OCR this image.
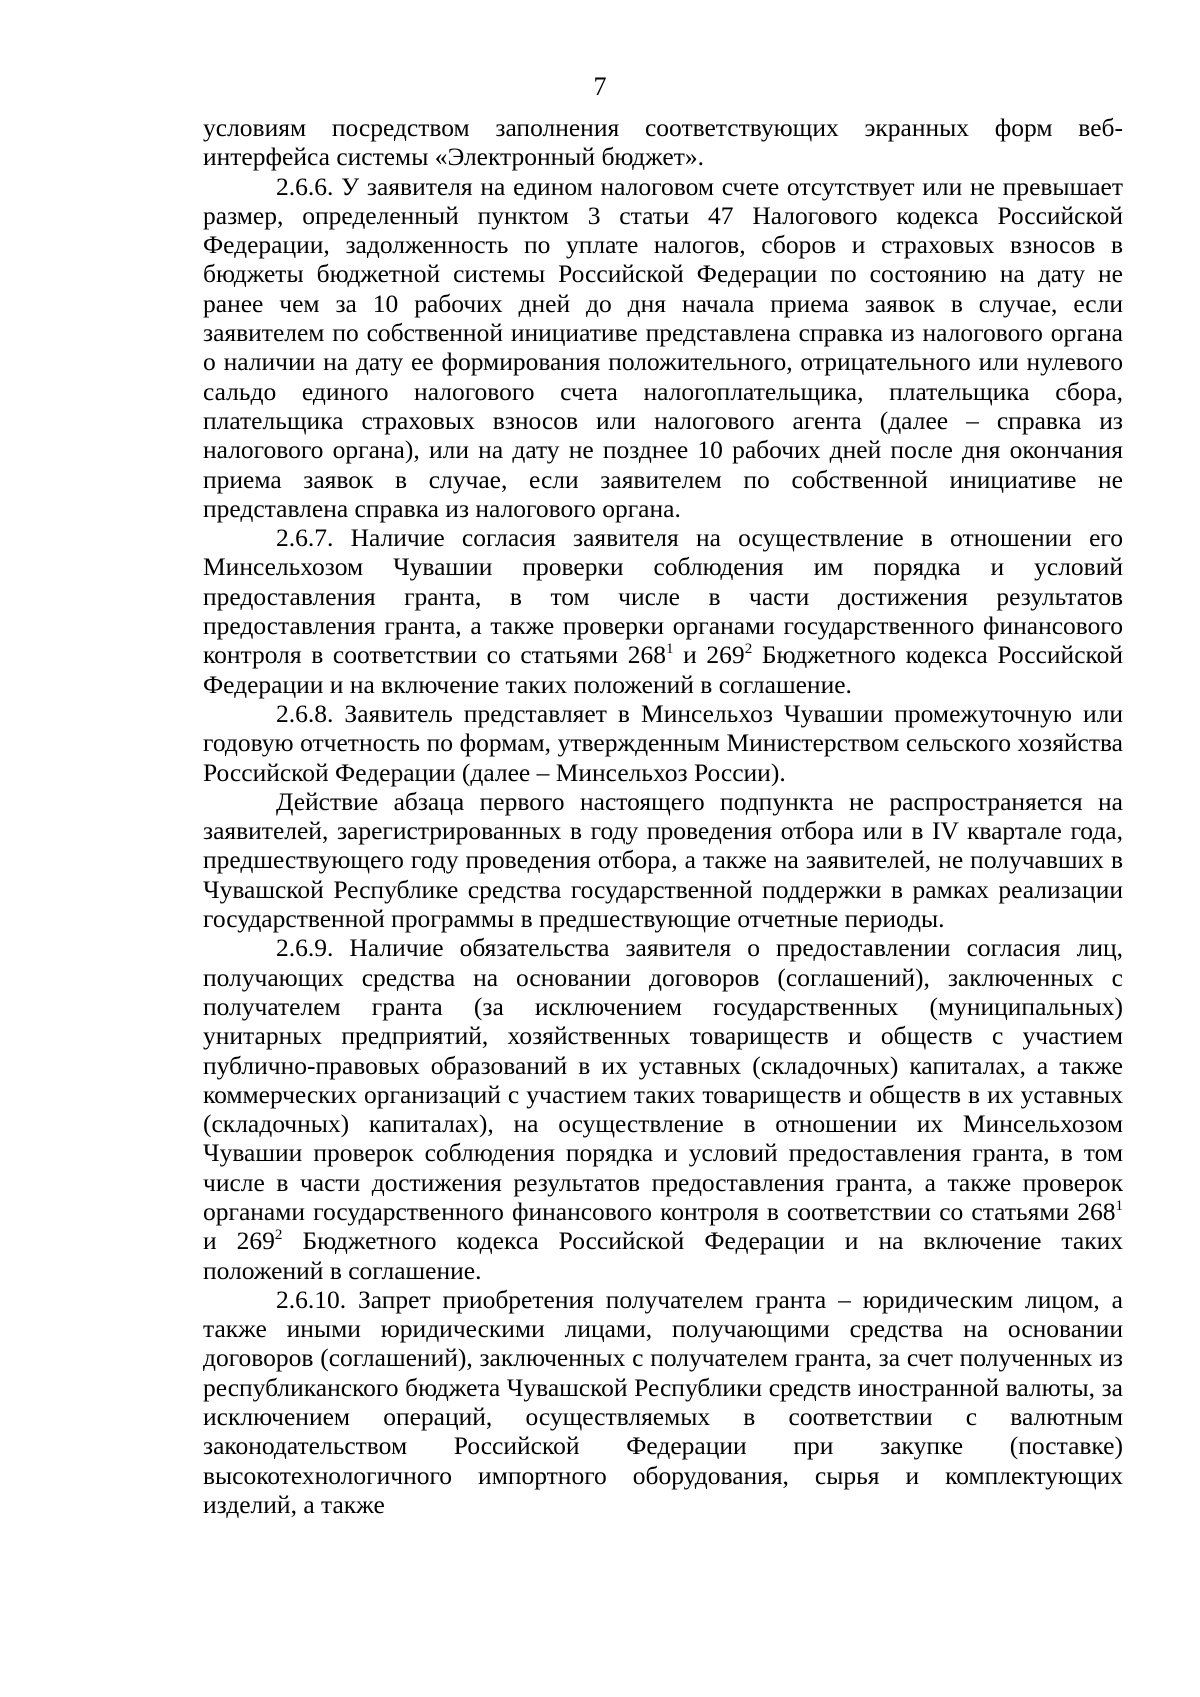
7

условиям посредством заполнения соответствующих экранных форм веб-интерфейса системы «Электронный бюджет».

2.6.6. У заявителя на едином налоговом счете отсутствует или не превышает размер, определенный пунктом 3 статьи 47 Налогового кодекса Российской Федерации, задолженность по уплате налогов, сборов и страховых взносов в бюджеты бюджетной системы Российской Федерации по состоянию на дату не ранее чем за 10 рабочих дней до дня начала приема заявок в случае, если заявителем по собственной инициативе представлена справка из налогового органа о наличии на дату ее формирования положительного, отрицательного или нулевого сальдо единого налогового счета налогоплательщика, плательщика сбора, плательщика страховых взносов или налогового агента (далее – справка из налогового органа), или на дату не позднее 10 рабочих дней после дня окончания приема заявок в случае, если заявителем по собственной инициативе не представлена справка из налогового органа.

2.6.7. Наличие согласия заявителя на осуществление в отношении его Минсельхозом Чувашии проверки соблюдения им порядка и условий предоставления гранта, в том числе в части достижения результатов предоставления гранта, а также проверки органами государственного финансового контроля в соответствии со статьями $268^1$ и $269^2$ Бюджетного кодекса Российской Федерации и на включение таких положений в соглашение.

2.6.8. Заявитель представляет в Минсельхоз Чувашии промежуточную или годовую отчетность по формам, утвержденным Министерством сельского хозяйства Российской Федерации (далее – Минсельхоз России).

Действие абзаца первого настоящего подпункта не распространяется на заявителей, зарегистрированных в году проведения отбора или в IV квартале года, предшествующего году проведения отбора, а также на заявителей, не получавших в Чувашской Республике средства государственной поддержки в рамках реализации государственной программы в предшествующие отчетные периоды.

2.6.9. Наличие обязательства заявителя о предоставлении согласия лиц, получающих средства на основании договоров (соглашений), заключенных с получателем гранта (за исключением государственных (муниципальных) унитарных предприятий, хозяйственных товариществ и обществ с участием публично-правовых образований в их уставных (складочных) капиталах, а также коммерческих организаций с участием таких товариществ и обществ в их уставных (складочных) капиталах), на осуществление в отношении их Минсельхозом Чувашии проверок соблюдения порядка и условий предоставления гранта, в том числе в части достижения результатов предоставления гранта, а также проверок органами государственного финансового контроля в соответствии со статьями $268^1$ и $269^2$ Бюджетного кодекса Российской Федерации и на включение таких положений в соглашение.

2.6.10. Запрет приобретения получателем гранта – юридическим лицом, а также иными юридическими лицами, получающими средства на основании договоров (соглашений), заключенных с получателем гранта, за счет полученных из республиканского бюджета Чувашской Республики средств иностранной валюты, за исключением операций, осуществляемых в соответствии с валютным законодательством Российской Федерации при закупке (поставке) высокотехнологичного импортного оборудования, сырья и комплектующих изделий, а также
